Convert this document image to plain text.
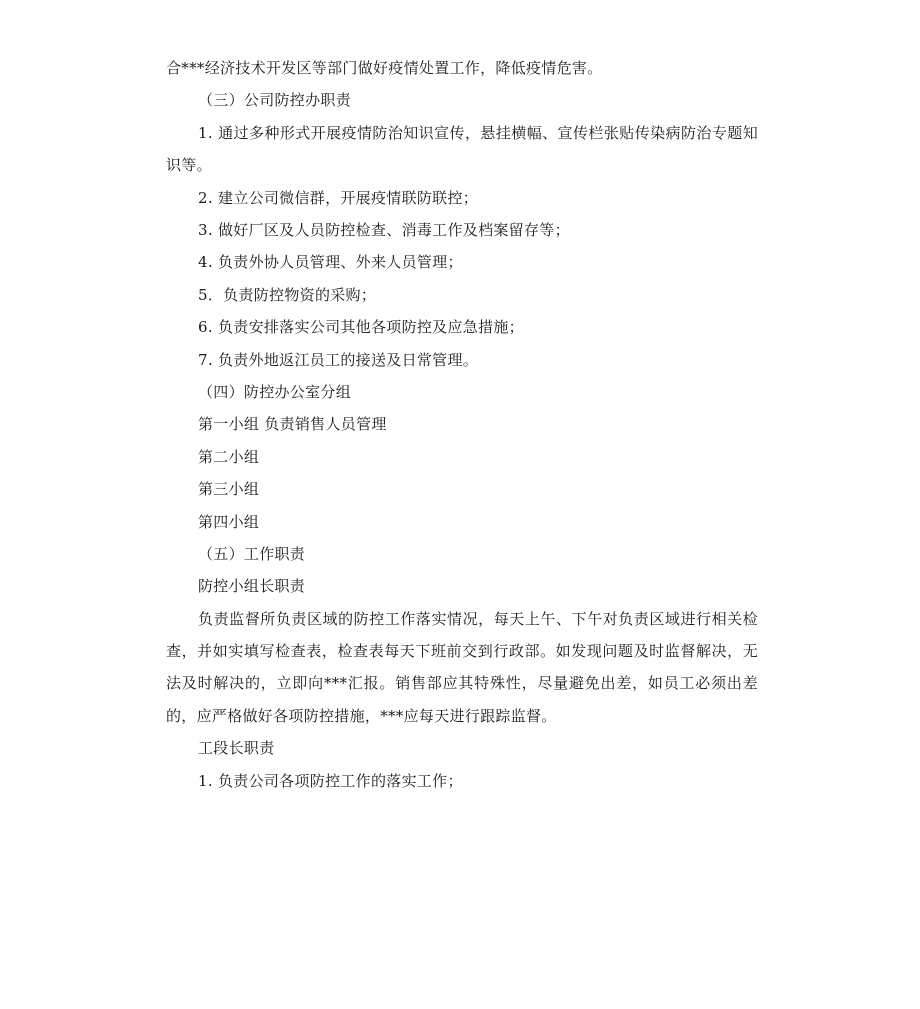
合***经济技术开发区等部门做好疫情处置工作，降低疫情危害。
（三）公司防控办职责

1. 通过多种形式开展疫情防治知识宣传，悬挂横幅、宣传栏张贴传染病防治专题知识等。

2. 建立公司微信群，开展疫情联防联控；
3. 做好厂区及人员防控检查、消毒工作及档案留存等；
4. 负责外协人员管理、外来人员管理；
5．负责防控物资的采购；
6. 负责安排落实公司其他各项防控及应急措施；
7. 负责外地返江员工的接送及日常管理。
（四）防控办公室分组
第一小组 负责销售人员管理
第二小组
第三小组
第四小组
（五）工作职责
防控小组长职责

负责监督所负责区域的防控工作落实情况，每天上午、下午对负责区域进行相关检查，并如实填写检查表，检查表每天下班前交到行政部。如发现问题及时监督解决，无法及时解决的，立即向***汇报。销售部应其特殊性，尽量避免出差，如员工必须出差的，应严格做好各项防控措施，***应每天进行跟踪监督。

工段长职责
1. 负责公司各项防控工作的落实工作；
